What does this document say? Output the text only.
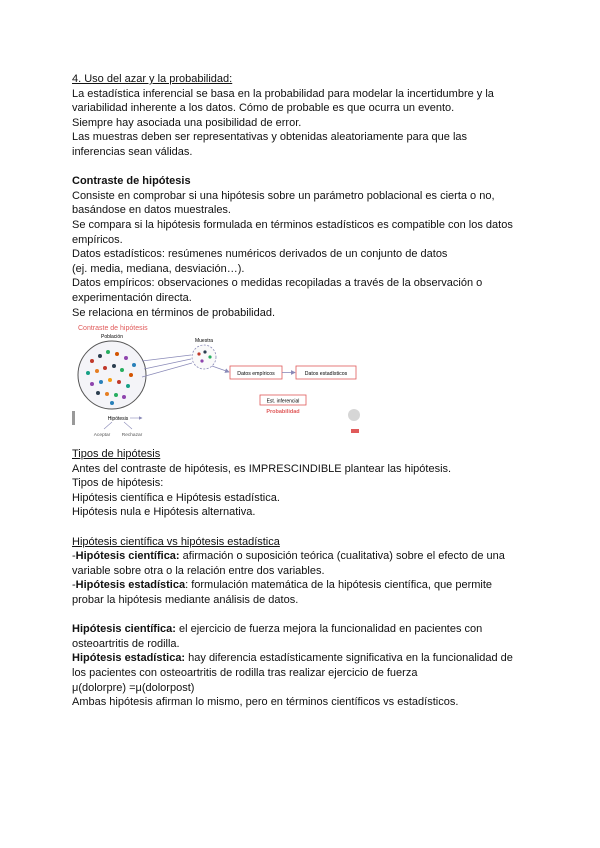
4. Uso del azar y la probabilidad:
La estadística inferencial se basa en la probabilidad para modelar la incertidumbre y la
variabilidad inherente a los datos. Cómo de probable es que ocurra un evento.
Siempre hay asociada una posibilidad de error.
Las muestras deben ser representativas y obtenidas aleatoriamente para que las
inferencias sean válidas.
Contraste de hipótesis
Consiste en comprobar si una hipótesis sobre un parámetro poblacional es cierta o no,
basándose en datos muestrales.
Se compara si la hipótesis formulada en términos estadísticos es compatible con los datos
empíricos.
Datos estadísticos: resúmenes numéricos derivados de un conjunto de datos
(ej. media, mediana, desviación…).
Datos empíricos: observaciones o medidas recopiladas a través de la observación o
experimentación directa.
Se relaciona en términos de probabilidad.
Contraste de hipótesis
Población
Muestra
Datos empíricos	Datos estadísticos
Est. inferencial
Probabilidad
Hipótesis
Aceptar Rechazar
Tipos de hipótesis
Antes del contraste de hipótesis, es IMPRESCINDIBLE plantear las hipótesis.
Tipos de hipótesis:
Hipótesis científica e Hipótesis estadística.
Hipótesis nula e Hipótesis alternativa.
Hipótesis científica vs hipótesis estadística
-Hipótesis científica: afirmación o suposición teórica (cualitativa) sobre el efecto de una
variable sobre otra o la relación entre dos variables.
-Hipótesis estadística: formulación matemática de la hipótesis científica, que permite
probar la hipótesis mediante análisis de datos.
Hipótesis científica: el ejercicio de fuerza mejora la funcionalidad en pacientes con
osteoartritis de rodilla.
Hipótesis estadística: hay diferencia estadísticamente significativa en la funcionalidad de
los pacientes con osteoartritis de rodilla tras realizar ejercicio de fuerza
μ(dolorpre) =μ(dolorpost)
Ambas hipótesis afirman lo mismo, pero en términos científicos vs estadísticos.
